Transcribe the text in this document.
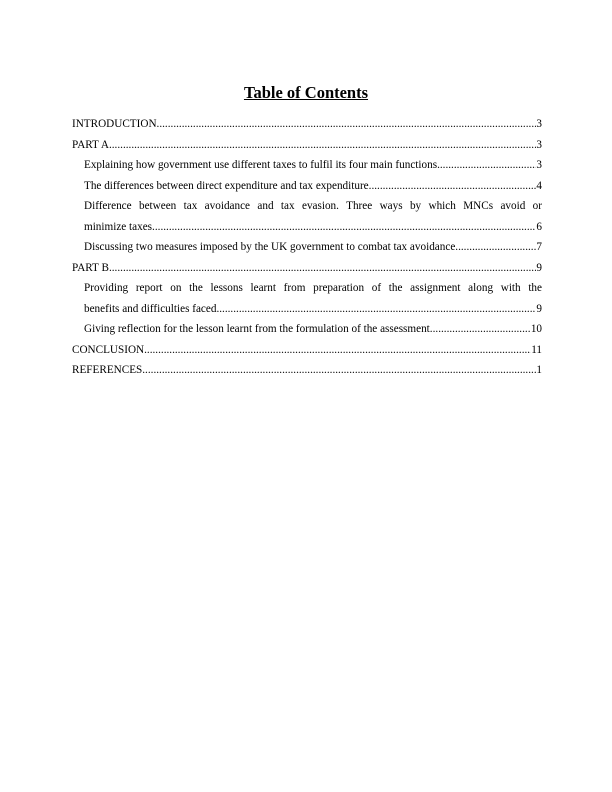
Table of Contents
INTRODUCTION .....	3
PART A .....	3
Explaining how government use different taxes to fulfil its four main functions .....	3
The differences between direct expenditure and tax expenditure .....	4
Difference between tax avoidance and tax evasion. Three ways by which MNCs avoid or
minimize taxes .....	6
Discussing two measures imposed by the UK government to combat tax avoidance .....	7
PART B .....	9
Providing report on the lessons learnt from preparation of the assignment along with the
benefits and difficulties faced .....	9
Giving reflection for the lesson learnt from the formulation of the assessment .....	10
CONCLUSION .....	11
REFERENCES .....	1
